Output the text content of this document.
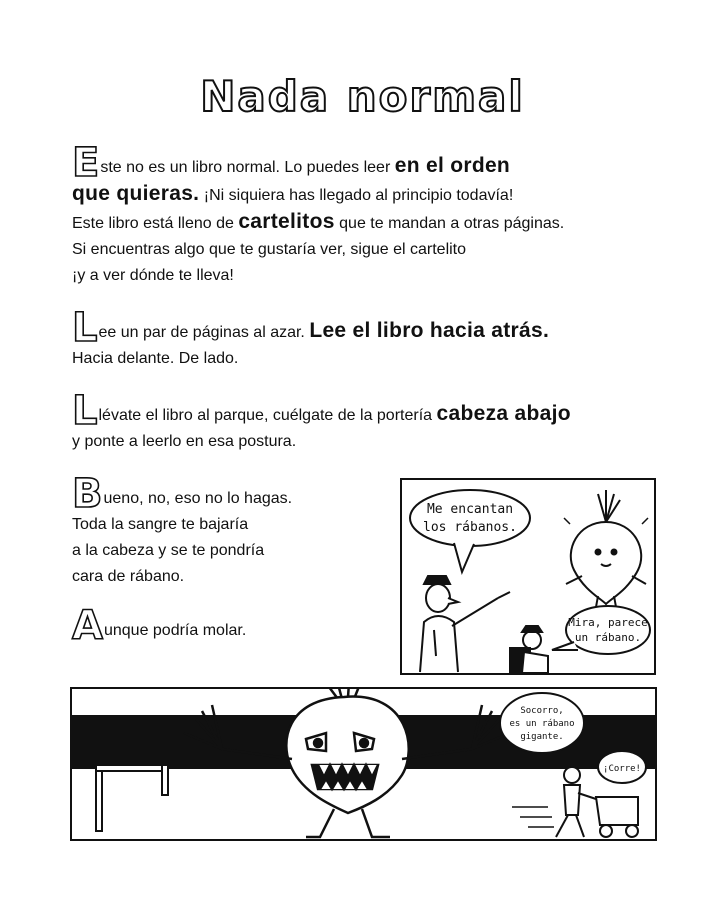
Nada normal
Este no es un libro normal. Lo puedes leer en el orden
que quieras. ¡Ni siquiera has llegado al principio todavía!
Este libro está lleno de cartelitos que te mandan a otras páginas.
Si encuentras algo que te gustaría ver, sigue el cartelito
¡y a ver dónde te lleva!
Lee un par de páginas al azar. Lee el libro hacia atrás.
Hacia delante. De lado.
Llévate el libro al parque, cuélgate de la portería cabeza abajo
y ponte a leerlo en esa postura.
Bueno, no, eso no lo hagas.
Toda la sangre te bajaría
a la cabeza y se te pondría
cara de rábano.
Aunque podría molar.
Me encantan
los rábanos.
Mira, parece
un rábano.
Socorro,
es un rábano
gigante.
¡Corre!
